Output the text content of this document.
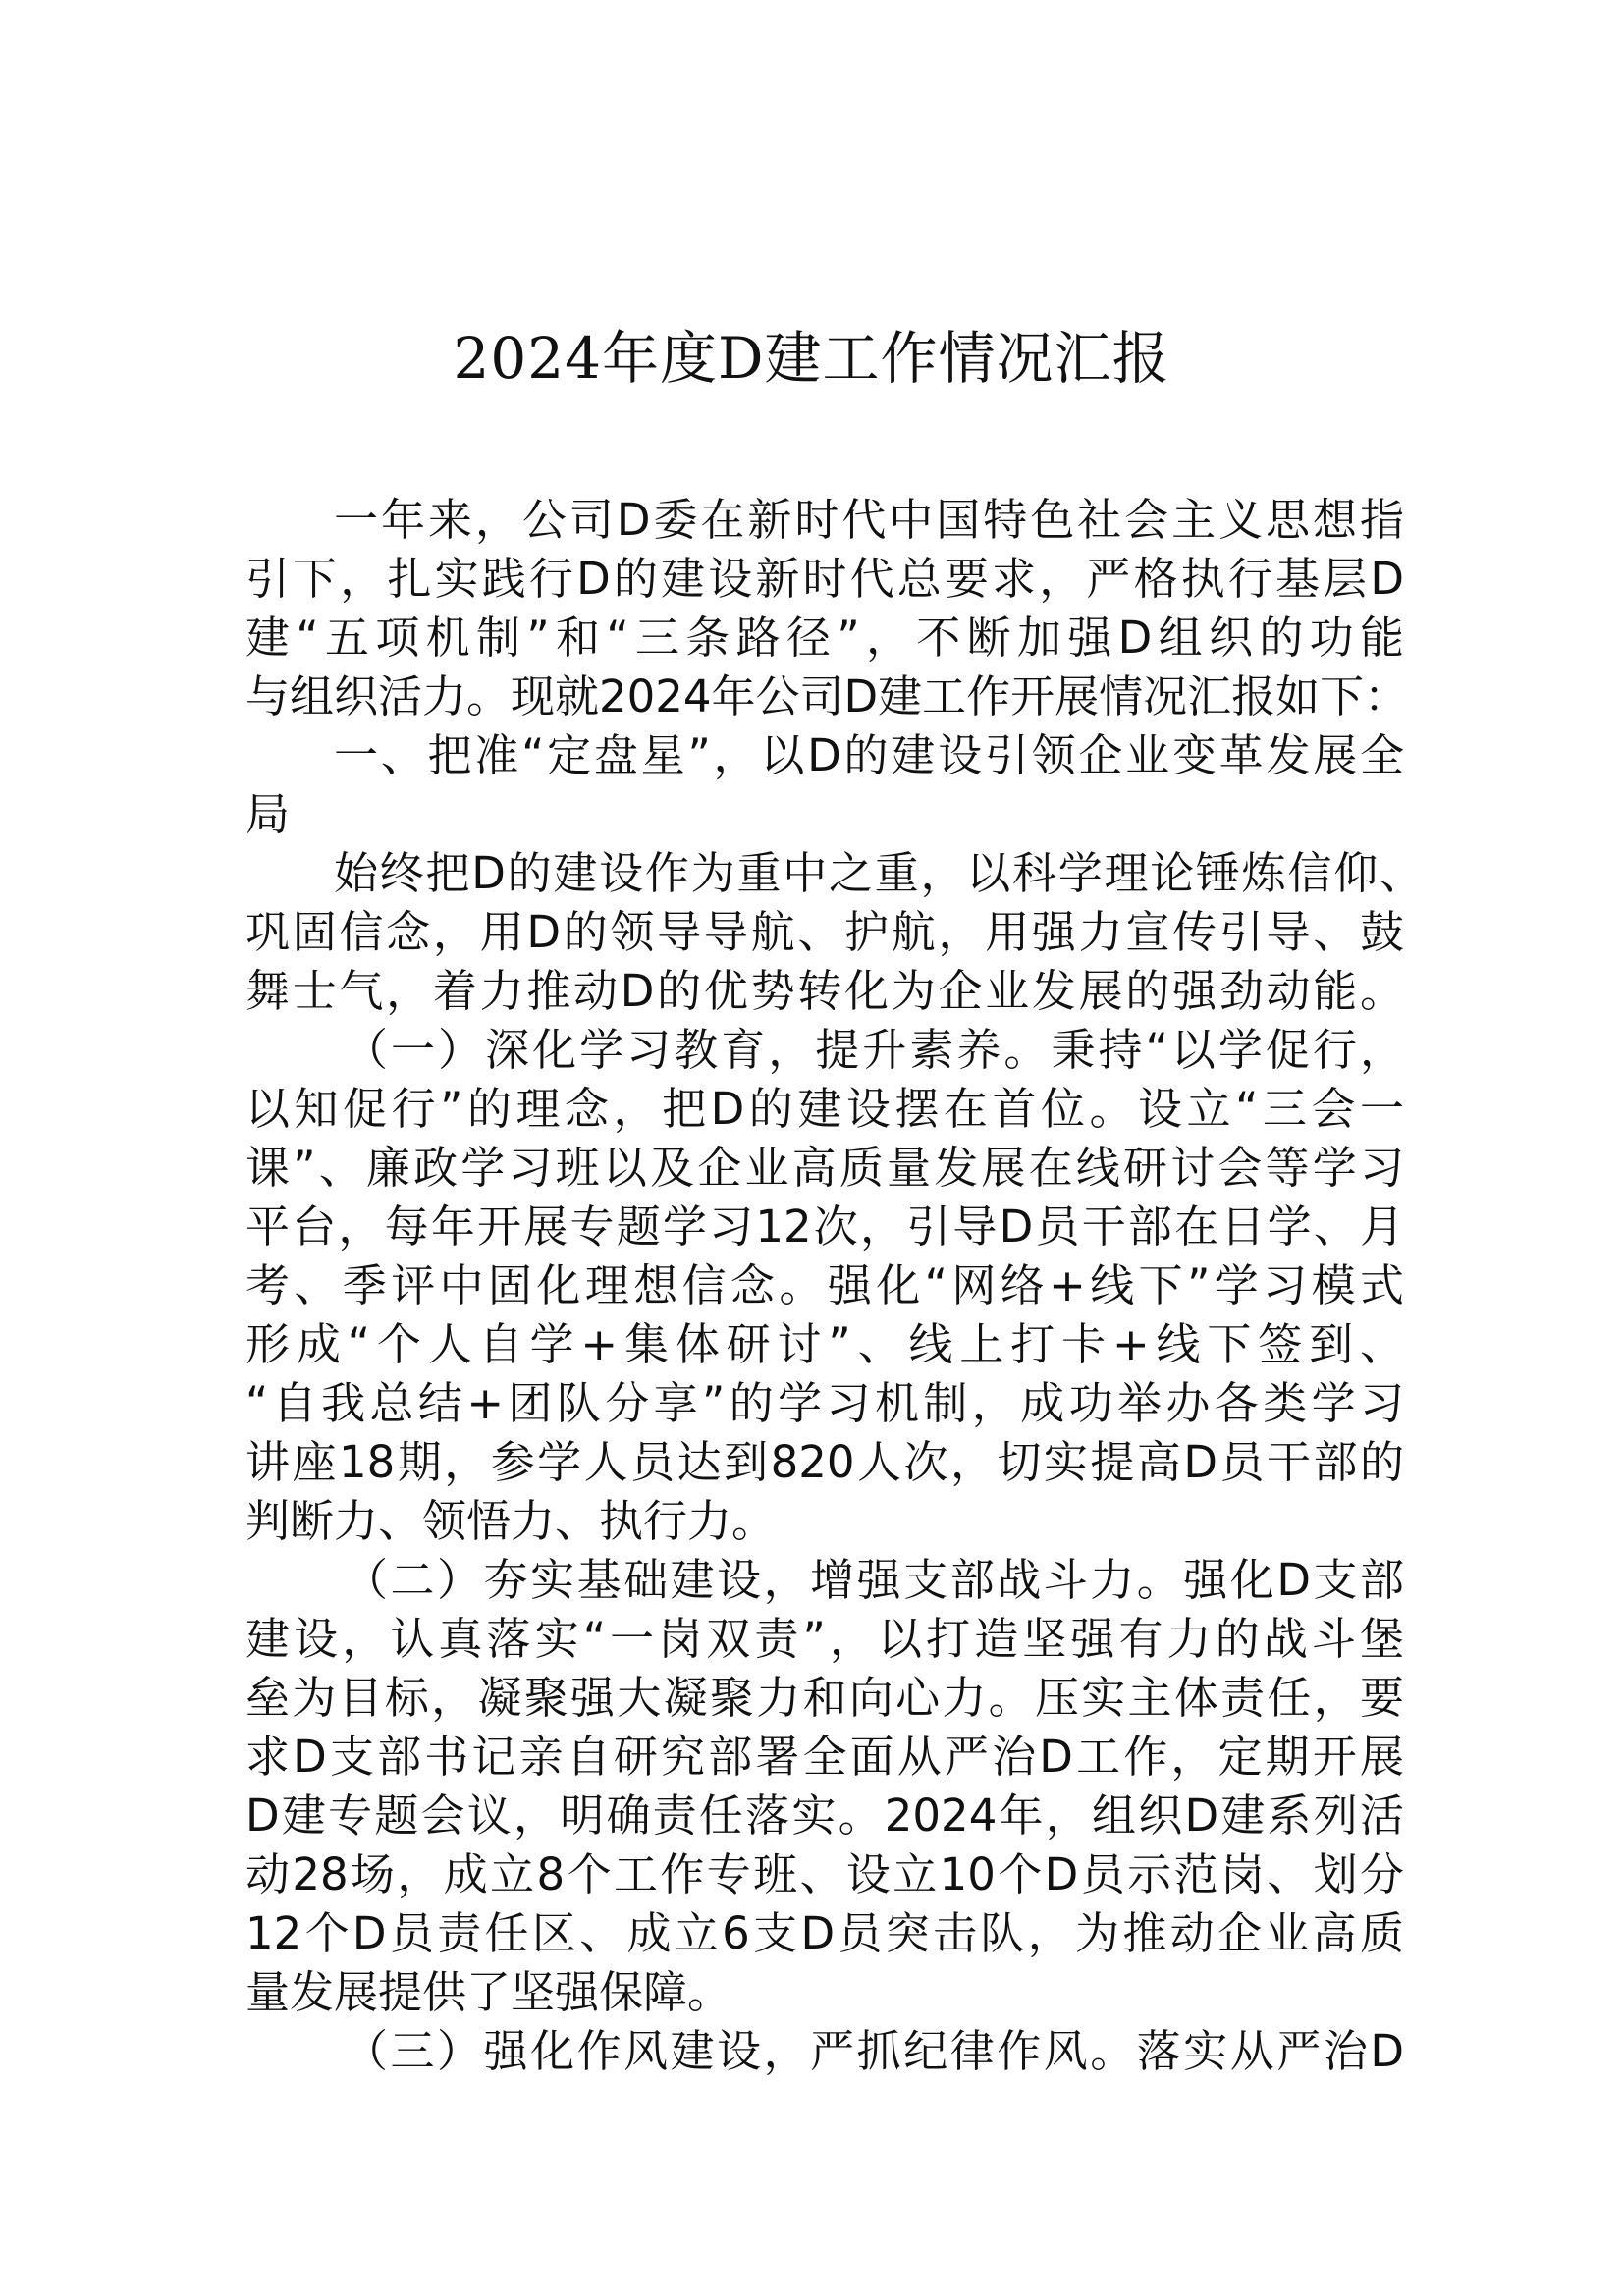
2024年度D建工作情况汇报
一年来，公司D委在新时代中国特色社会主义思想指
引下，扎实践行D的建设新时代总要求，严格执行基层D
建“五项机制”和“三条路径”，不断加强D组织的功能
与组织活力。现就2024年公司D建工作开展情况汇报如下：
一、把准“定盘星”，以D的建设引领企业变革发展全
局
始终把D的建设作为重中之重，以科学理论锤炼信仰、
巩固信念，用D的领导导航、护航，用强力宣传引导、鼓
舞士气，着力推动D的优势转化为企业发展的强劲动能。
（一）深化学习教育，提升素养。秉持“以学促行，
以知促行”的理念，把D的建设摆在首位。设立“三会一
课”、廉政学习班以及企业高质量发展在线研讨会等学习
平台，每年开展专题学习12次，引导D员干部在日学、月
考、季评中固化理想信念。强化“网络+线下”学习模式
形成“个人自学+集体研讨”、线上打卡+线下签到、
“自我总结+团队分享”的学习机制，成功举办各类学习
讲座18期，参学人员达到820人次，切实提高D员干部的
判断力、领悟力、执行力。
（二）夯实基础建设，增强支部战斗力。强化D支部
建设，认真落实“一岗双责”，以打造坚强有力的战斗堡
垒为目标，凝聚强大凝聚力和向心力。压实主体责任，要
求D支部书记亲自研究部署全面从严治D工作，定期开展
D建专题会议，明确责任落实。2024年，组织D建系列活
动28场，成立8个工作专班、设立10个D员示范岗、划分
12个D员责任区、成立6支D员突击队，为推动企业高质
量发展提供了坚强保障。
（三）强化作风建设，严抓纪律作风。落实从严治D
